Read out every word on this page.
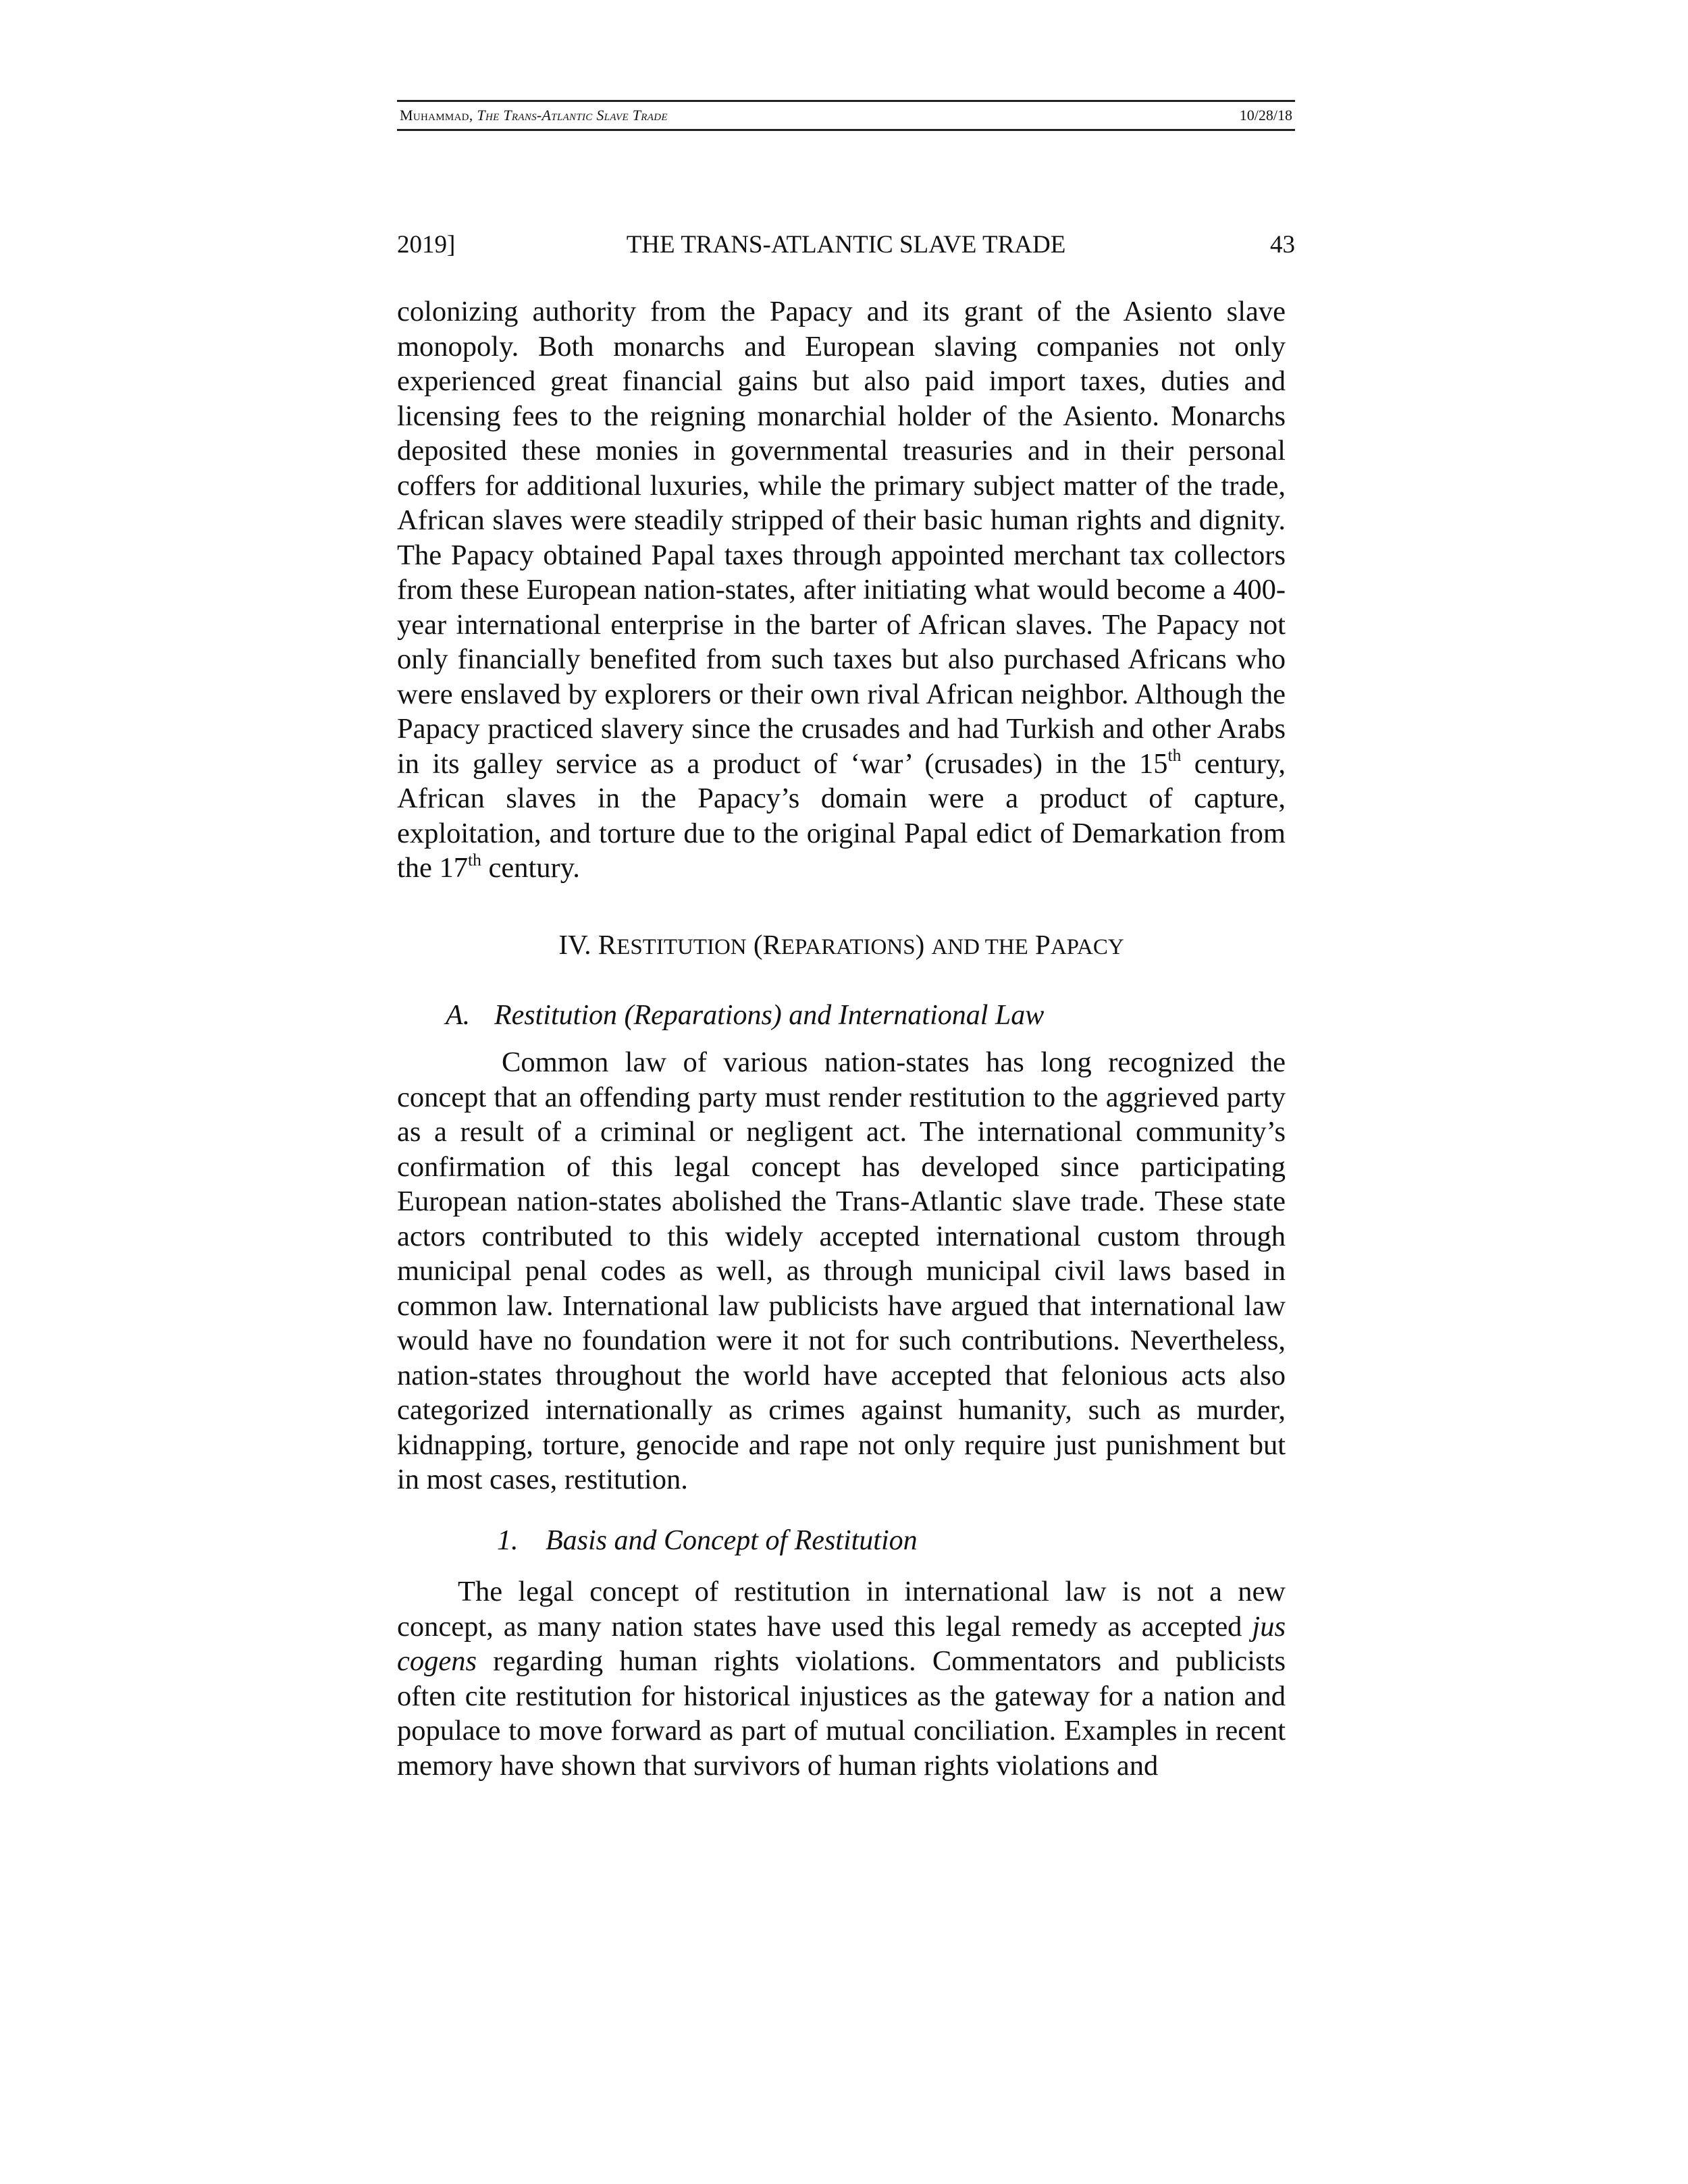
Muhammad, The Trans-Atlantic Slave Trade	10/28/18
2019]	THE TRANS-ATLANTIC SLAVE TRADE	43

colonizing authority from the Papacy and its grant of the Asiento slave monopoly. Both monarchs and European slaving companies not only experienced great financial gains but also paid import taxes, duties and licensing fees to the reigning monarchial holder of the Asiento. Monarchs deposited these monies in governmental treasuries and in their personal coffers for additional luxuries, while the primary subject matter of the trade, African slaves were steadily stripped of their basic human rights and dignity. The Papacy obtained Papal taxes through appointed merchant tax collectors from these European nation-states, after initiating what would become a 400-year international enterprise in the barter of African slaves. The Papacy not only financially benefited from such taxes but also purchased Africans who were enslaved by explorers or their own rival African neighbor. Although the Papacy practiced slavery since the crusades and had Turkish and other Arabs in its galley service as a product of ‘war’ (crusades) in the 15th century, African slaves in the Papacy’s domain were a product of capture, exploitation, and torture due to the original Papal edict of Demarkation from the 17th century.

IV. RESTITUTION (REPARATIONS) AND THE PAPACY
A. Restitution (Reparations) and International Law

Common law of various nation-states has long recognized the concept that an offending party must render restitution to the aggrieved party as a result of a criminal or negligent act. The international community’s confirmation of this legal concept has developed since participating European nation-states abolished the Trans-Atlantic slave trade. These state actors contributed to this widely accepted international custom through municipal penal codes as well, as through municipal civil laws based in common law. International law publicists have argued that international law would have no foundation were it not for such contributions. Nevertheless, nation-states throughout the world have accepted that felonious acts also categorized internationally as crimes against humanity, such as murder, kidnapping, torture, genocide and rape not only require just punishment but in most cases, restitution.

1. Basis and Concept of Restitution

The legal concept of restitution in international law is not a new concept, as many nation states have used this legal remedy as accepted jus cogens regarding human rights violations. Commentators and publicists often cite restitution for historical injustices as the gateway for a nation and populace to move forward as part of mutual conciliation. Examples in recent memory have shown that survivors of human rights violations and
